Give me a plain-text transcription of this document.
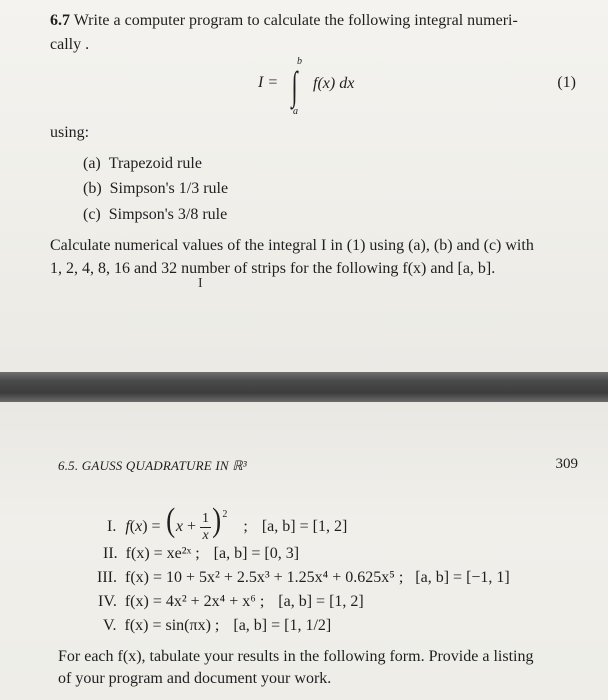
6.7 Write a computer program to calculate the following integral numeri-
cally .
I =
b
∫
a
f(x) dx	(1)
using:
(a) Trapezoid rule
(b) Simpson's 1/3 rule
(c) Simpson's 3/8 rule
Calculate numerical values of the integral I in (1) using (a), (b) and (c) with
1, 2, 4, 8, 16 and 32 number of strips for the following f(x) and [a, b].
I
6.5. GAUSS QUADRATURE IN ℝ³	309
I. $f(x) = (x + \frac{1}{x} )^2$ ; [a, b] = [1, 2]
II. f(x) = xe²ˣ ; [a, b] = [0, 3]
III. f(x) = 10 + 5x² + 2.5x³ + 1.25x⁴ + 0.625x⁵ ; [a, b] = [−1, 1]
IV. f(x) = 4x² + 2x⁴ + x⁶ ; [a, b] = [1, 2]
V. f(x) = sin(πx) ; [a, b] = [1, 1/2]
For each f(x), tabulate your results in the following form. Provide a listing
of your program and document your work.
